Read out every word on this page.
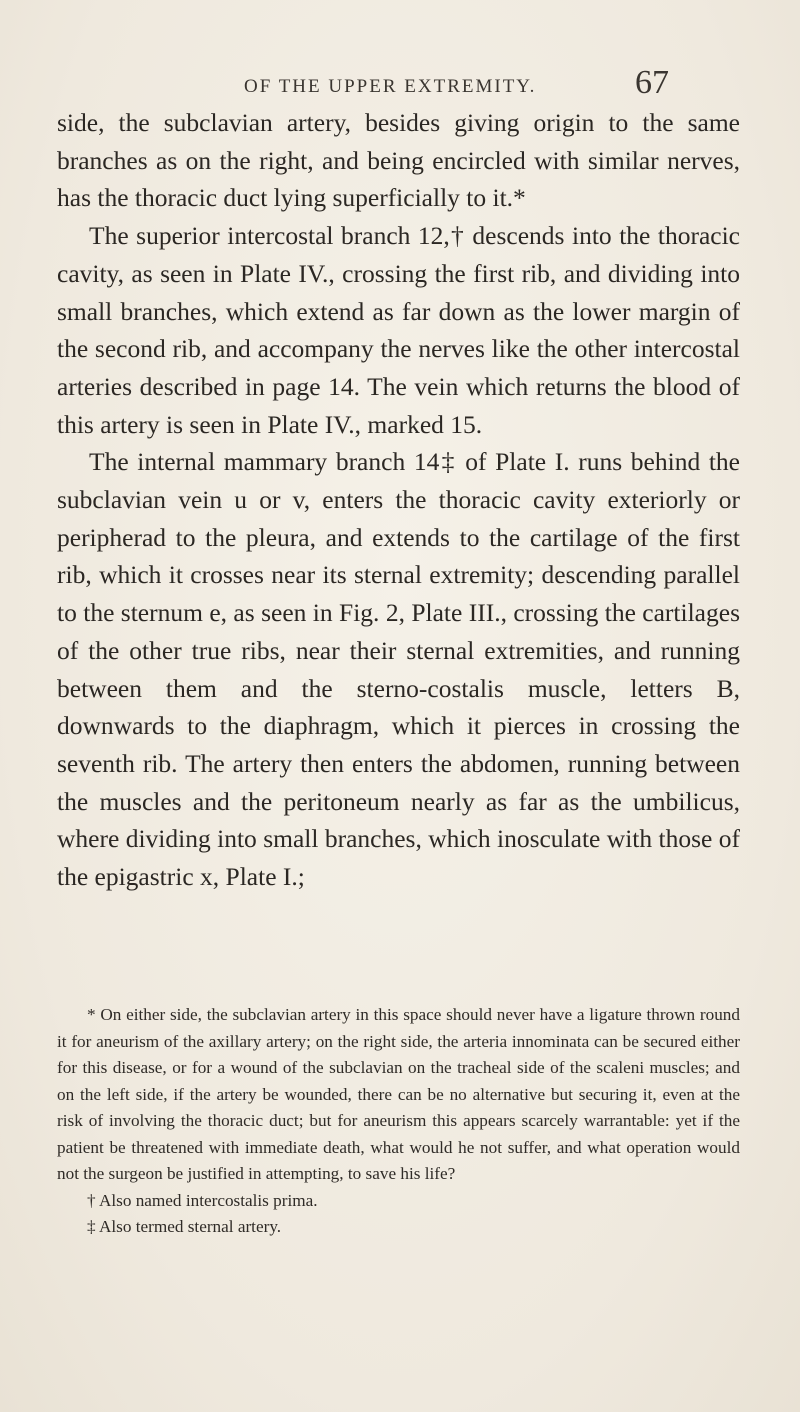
OF THE UPPER EXTREMITY.	67

side, the subclavian artery, besides giving origin to the same branches as on the right, and being encircled with similar nerves, has the thoracic duct lying superficially to it.*

The superior intercostal branch 12,† descends into the thoracic cavity, as seen in Plate IV., crossing the first rib, and dividing into small branches, which extend as far down as the lower margin of the second rib, and accompany the nerves like the other intercostal arteries described in page 14. The vein which returns the blood of this artery is seen in Plate IV., marked 15.

The internal mammary branch 14‡ of Plate I. runs behind the subclavian vein u or v, enters the thoracic cavity exteriorly or peripherad to the pleura, and extends to the cartilage of the first rib, which it crosses near its sternal extremity; descending parallel to the sternum e, as seen in Fig. 2, Plate III., crossing the cartilages of the other true ribs, near their sternal extremities, and running between them and the sterno-costalis muscle, letters B, downwards to the diaphragm, which it pierces in crossing the seventh rib. The artery then enters the abdomen, running between the muscles and the peritoneum nearly as far as the umbilicus, where dividing into small branches, which inosculate with those of the epigastric x, Plate I.;

* On either side, the subclavian artery in this space should never have a ligature thrown round it for aneurism of the axillary artery; on the right side, the arteria innominata can be secured either for this disease, or for a wound of the subclavian on the tracheal side of the scaleni muscles; and on the left side, if the artery be wounded, there can be no alternative but securing it, even at the risk of involving the thoracic duct; but for aneurism this appears scarcely warrantable: yet if the patient be threatened with immediate death, what would he not suffer, and what operation would not the surgeon be justified in attempting, to save his life?

† Also named intercostalis prima.

‡ Also termed sternal artery.
